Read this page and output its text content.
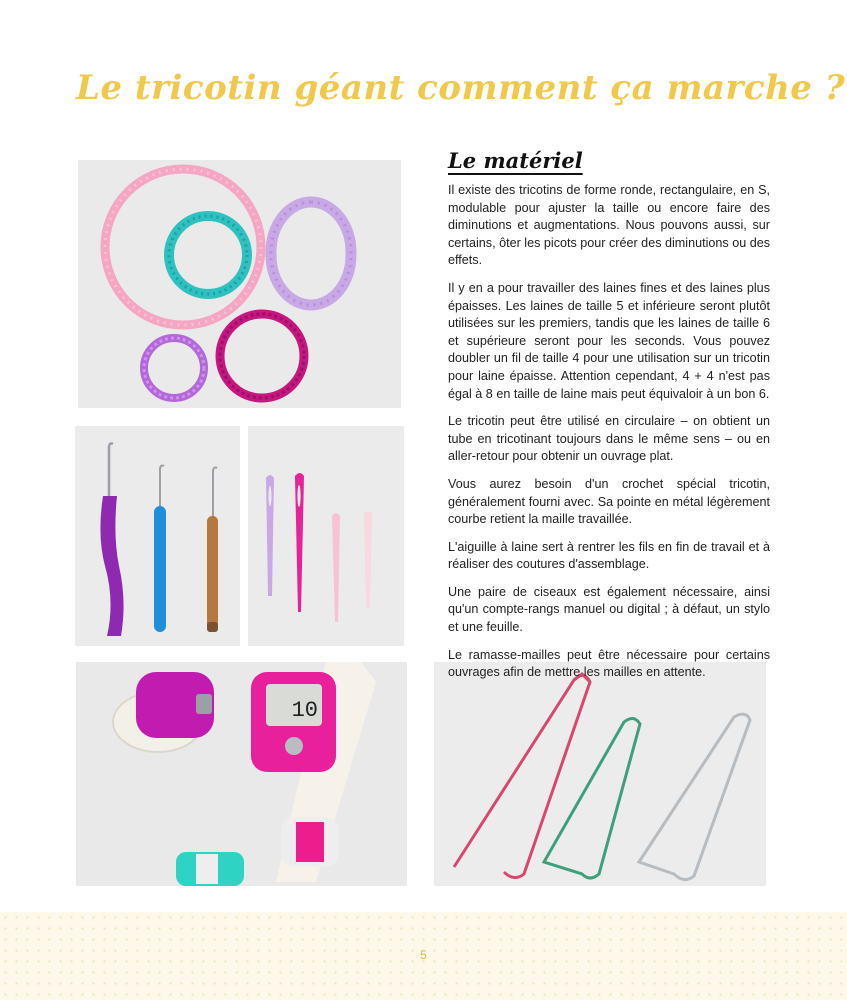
Le tricotin géant comment ça marche ?
10
Le matériel

Il existe des tricotins de forme ronde, rectangulaire, en S, modulable pour ajuster la taille ou encore faire des diminutions et augmentations. Nous pouvons aussi, sur certains, ôter les picots pour créer des diminutions ou des effets.

Il y en a pour travailler des laines fines et des laines plus épaisses. Les laines de taille 5 et inférieure seront plutôt utilisées sur les premiers, tandis que les laines de taille 6 et supérieure seront pour les seconds. Vous pouvez doubler un fil de taille 4 pour une utilisation sur un tricotin pour laine épaisse. Attention cependant, 4 + 4 n'est pas égal à 8 en taille de laine mais peut équivaloir à un bon 6.

Le tricotin peut être utilisé en circulaire – on obtient un tube en tricotinant toujours dans le même sens – ou en aller-retour pour obtenir un ouvrage plat.

Vous aurez besoin d'un crochet spécial tricotin, généralement fourni avec. Sa pointe en métal légèrement courbe retient la maille travaillée.

L'aiguille à laine sert à rentrer les fils en fin de travail et à réaliser des coutures d'assemblage.

Une paire de ciseaux est également nécessaire, ainsi qu'un compte-rangs manuel ou digital ; à défaut, un stylo et une feuille.

Le ramasse-mailles peut être nécessaire pour certains ouvrages afin de mettre les mailles en attente.

5
